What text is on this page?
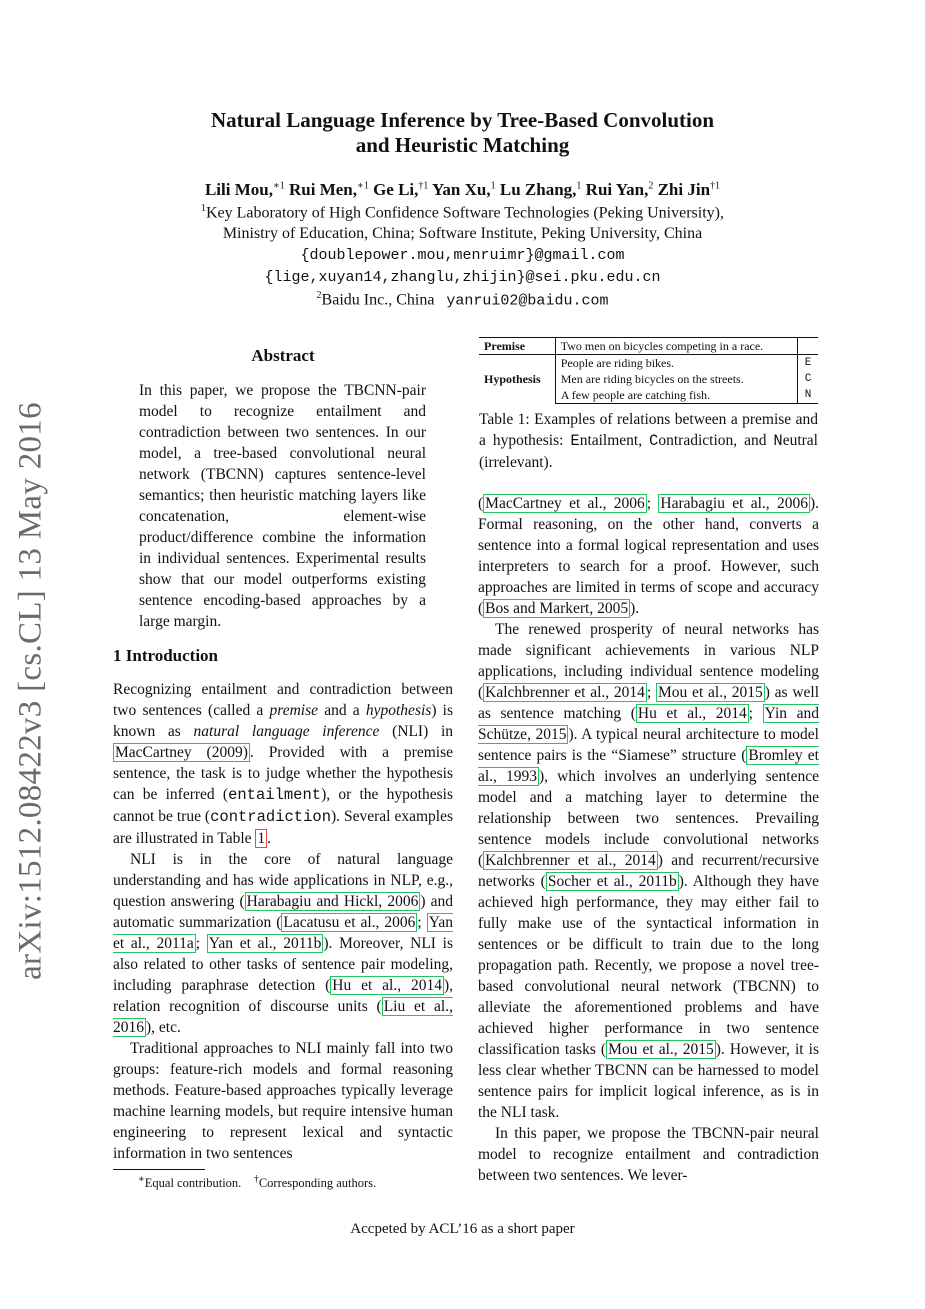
arXiv:1512.08422v3 [cs.CL] 13 May 2016
Natural Language Inference by Tree-Based Convolution
and Heuristic Matching
Lili Mou,$^{∗1}$ Rui Men,$^{∗1}$ Ge Li,$^{\dagger 1}$ Yan Xu,$^1$ Lu Zhang,$^1$ Rui Yan,$^2$ Zhi Jin$^{\dagger 1}$
$^1$Key Laboratory of High Confidence Software Technologies (Peking University),
Ministry of Education, China; Software Institute, Peking University, China
{doublepower.mou,menruimr}@gmail.com
{lige,xuyan14,zhanglu,zhijin}@sei.pku.edu.cn
$^2$Baidu Inc., China yanrui02@baidu.com
Abstract
In this paper, we propose the TBCNN-pair model to recognize entailment and contradiction between two sentences. In our model, a tree-based convolutional neural network (TBCNN) captures sentence-level semantics; then heuristic matching layers like concatenation, element-wise product/difference combine the information in individual sentences. Experimental results show that our model outperforms existing sentence encoding-based approaches by a large margin.
1 Introduction

Recognizing entailment and contradiction between two sentences (called a premise and a hypothesis) is known as natural language inference (NLI) in MacCartney (2009) . Provided with a premise sentence, the task is to judge whether the hypothesis can be inferred (entailment), or the hypothesis cannot be true (contradiction). Several examples are illustrated in Table 1 .

NLI is in the core of natural language understanding and has wide applications in NLP, e.g., question answering ( Harabagiu and Hickl, 2006 ) and automatic summarization ( Lacatusu et al., 2006 ; Yan et al., 2011a ; Yan et al., 2011b ). Moreover, NLI is also related to other tasks of sentence pair modeling, including paraphrase detection ( Hu et al., 2014 ), relation recognition of discourse units ( Liu et al., 2016 ), etc.

Traditional approaches to NLI mainly fall into two groups: feature-rich models and formal reasoning methods. Feature-based approaches typically leverage machine learning models, but require intensive human engineering to represent lexical and syntactic information in two sentences

Premise	Two men on bicycles competing in a race.	
Hypothesis	People are riding bikes.	E
	Men are riding bicycles on the streets.	C
	A few people are catching fish.	N
Table 1: Examples of relations between a premise and a hypothesis: Entailment, Contradiction, and Neutral (irrelevant).

( MacCartney et al., 2006 ; Harabagiu et al., 2006 ). Formal reasoning, on the other hand, converts a sentence into a formal logical representation and uses interpreters to search for a proof. However, such approaches are limited in terms of scope and accuracy ( Bos and Markert, 2005 ).

The renewed prosperity of neural networks has made significant achievements in various NLP applications, including individual sentence modeling ( Kalchbrenner et al., 2014 ; Mou et al., 2015 ) as well as sentence matching ( Hu et al., 2014 ; Yin and Schütze, 2015 ). A typical neural architecture to model sentence pairs is the “Siamese” structure ( Bromley et al., 1993 ), which involves an underlying sentence model and a matching layer to determine the relationship between two sentences. Prevailing sentence models include convolutional networks ( Kalchbrenner et al., 2014 ) and recurrent/recursive networks ( Socher et al., 2011b ). Although they have achieved high performance, they may either fail to fully make use of the syntactical information in sentences or be difficult to train due to the long propagation path. Recently, we propose a novel tree-based convolutional neural network (TBCNN) to alleviate the aforementioned problems and have achieved higher performance in two sentence classification tasks ( Mou et al., 2015 ). However, it is less clear whether TBCNN can be harnessed to model sentence pairs for implicit logical inference, as is in the NLI task.

In this paper, we propose the TBCNN-pair neural model to recognize entailment and contradiction between two sentences. We lever-

∗Equal contribution. †Corresponding authors.
Accpeted by ACL’16 as a short paper
